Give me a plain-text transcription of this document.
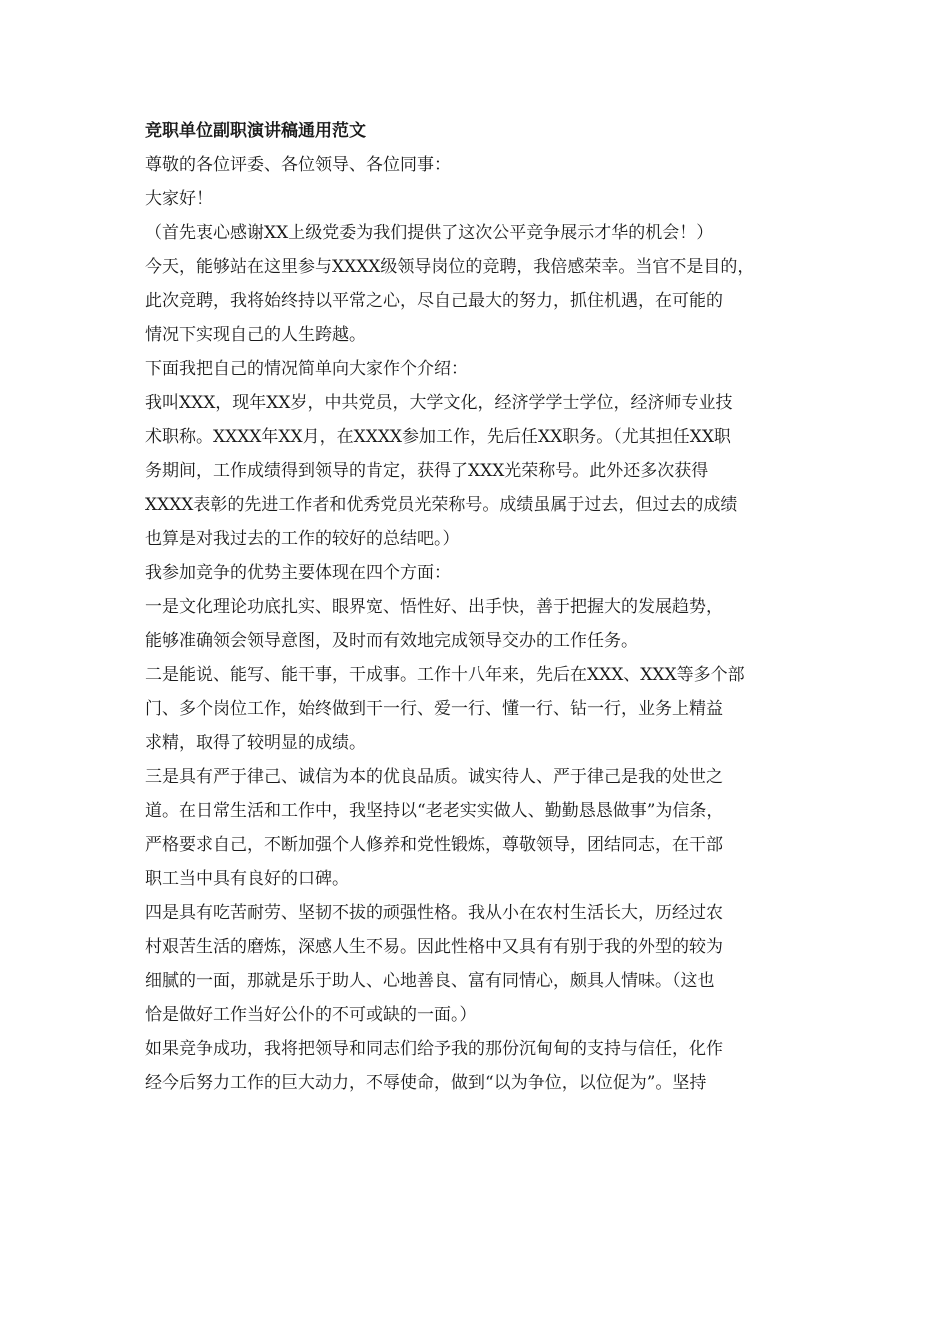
竞职单位副职演讲稿通用范文
尊敬的各位评委、各位领导、各位同事：
大家好！
（首先衷心感谢XX上级党委为我们提供了这次公平竞争展示才华的机会！）
今天，能够站在这里参与XXXX级领导岗位的竞聘，我倍感荣幸。当官不是目的，
此次竞聘，我将始终持以平常之心，尽自己最大的努力，抓住机遇，在可能的
情况下实现自己的人生跨越。
下面我把自己的情况简单向大家作个介绍：
我叫XXX，现年XX岁，中共党员，大学文化，经济学学士学位，经济师专业技
术职称。XXXX年XX月，在XXXX参加工作，先后任XX职务。（尤其担任XX职
务期间，工作成绩得到领导的肯定，获得了XXX光荣称号。此外还多次获得
XXXX表彰的先进工作者和优秀党员光荣称号。成绩虽属于过去，但过去的成绩
也算是对我过去的工作的较好的总结吧。）
我参加竞争的优势主要体现在四个方面：
一是文化理论功底扎实、眼界宽、悟性好、出手快，善于把握大的发展趋势，
能够准确领会领导意图，及时而有效地完成领导交办的工作任务。
二是能说、能写、能干事，干成事。工作十八年来，先后在XXX、XXX等多个部
门、多个岗位工作，始终做到干一行、爱一行、懂一行、钻一行，业务上精益
求精，取得了较明显的成绩。
三是具有严于律己、诚信为本的优良品质。诚实待人、严于律己是我的处世之
道。在日常生活和工作中，我坚持以“老老实实做人、勤勤恳恳做事”为信条，
严格要求自己，不断加强个人修养和党性锻炼，尊敬领导，团结同志，在干部
职工当中具有良好的口碑。
四是具有吃苦耐劳、坚韧不拔的顽强性格。我从小在农村生活长大，历经过农
村艰苦生活的磨炼，深感人生不易。因此性格中又具有有别于我的外型的较为
细腻的一面，那就是乐于助人、心地善良、富有同情心，颇具人情味。（这也
恰是做好工作当好公仆的不可或缺的一面。）
如果竞争成功，我将把领导和同志们给予我的那份沉甸甸的支持与信任，化作
经今后努力工作的巨大动力，不辱使命，做到“以为争位，以位促为”。坚持
